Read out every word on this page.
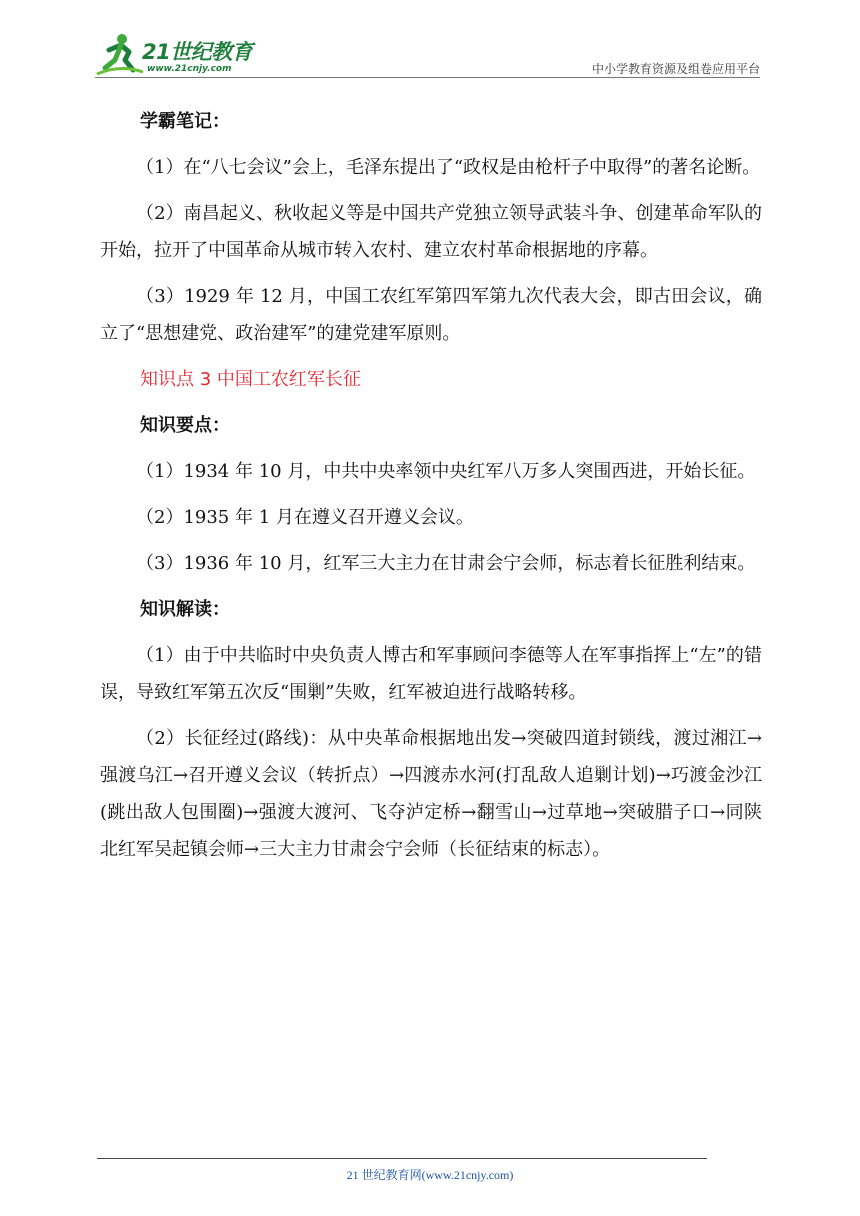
21世纪教育
www.21cnjy.com	中小学教育资源及组卷应用平台
学霸笔记：

（1）在“八七会议”会上，毛泽东提出了“政权是由枪杆子中取得”的著名论断。

（2）南昌起义、秋收起义等是中国共产党独立领导武装斗争、创建革命军队的开始，拉开了中国革命从城市转入农村、建立农村革命根据地的序幕。

（3）1929 年 12 月，中国工农红军第四军第九次代表大会，即古田会议，确立了“思想建党、政治建军”的建党建军原则。

知识点 3 中国工农红军长征
知识要点：

（1）1934 年 10 月，中共中央率领中央红军八万多人突围西进，开始长征。

（2）1935 年 1 月在遵义召开遵义会议。

（3）1936 年 10 月，红军三大主力在甘肃会宁会师，标志着长征胜利结束。

知识解读：

（1）由于中共临时中央负责人博古和军事顾问李德等人在军事指挥上“左”的错误，导致红军第五次反“围剿”失败，红军被迫进行战略转移。

（2）长征经过(路线)：从中央革命根据地出发→突破四道封锁线，渡过湘江→强渡乌江→召开遵义会议（转折点）→四渡赤水河(打乱敌人追剿计划)→巧渡金沙江(跳出敌人包围圈)→强渡大渡河、飞夺泸定桥→翻雪山→过草地→突破腊子口→同陕北红军吴起镇会师→三大主力甘肃会宁会师（长征结束的标志）。

21 世纪教育网(www.21cnjy.com)
